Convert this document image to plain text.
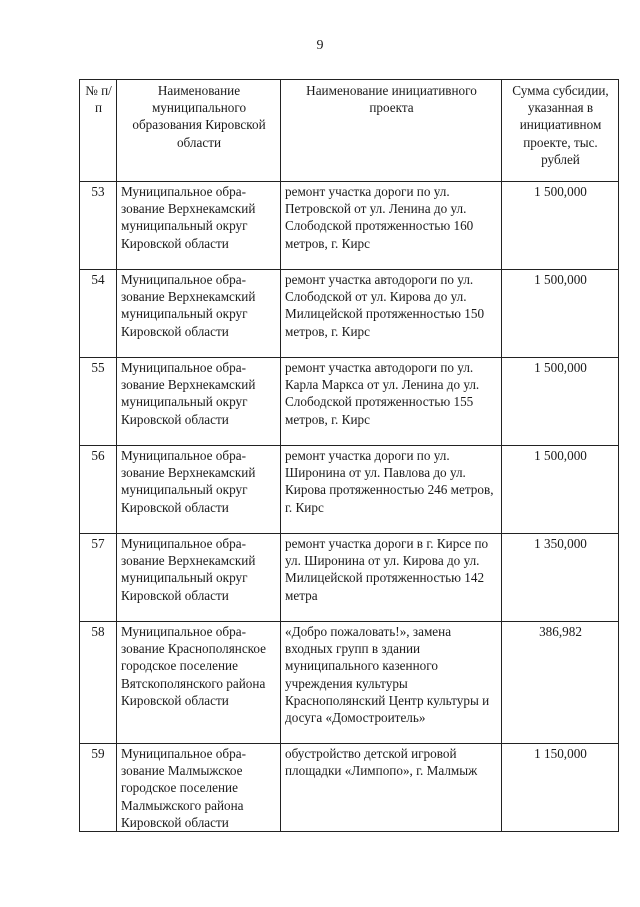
9
№ п/п	Наименование муниципального образования Кировской области	Наименование инициативного проекта	Сумма субсидии, указанная в инициативном проекте, тыс. рублей
53	Муниципальное образование Верхнекамский муниципальный округ Кировской области	ремонт участка дороги по ул. Петровской от ул. Ленина до ул. Слободской протяженностью 160 метров, г. Кирс	1 500,000
54	Муниципальное образование Верхнекамский муниципальный округ Кировской области	ремонт участка автодороги по ул. Слободской от ул. Кирова до ул. Милицейской протяженностью 150 метров, г. Кирс	1 500,000
55	Муниципальное образование Верхнекамский муниципальный округ Кировской области	ремонт участка автодороги по ул. Карла Маркса от ул. Ленина до ул. Слободской протяженностью 155 метров, г. Кирс	1 500,000
56	Муниципальное образование Верхнекамский муниципальный округ Кировской области	ремонт участка дороги по ул. Широнина от ул. Павлова до ул. Кирова протяженностью 246 метров, г. Кирс	1 500,000
57	Муниципальное образование Верхнекамский муниципальный округ Кировской области	ремонт участка дороги в г. Кирсе по ул. Широнина от ул. Кирова до ул. Милицейской протяженностью 142 метра	1 350,000
58	Муниципальное образование Краснополянское городское поселение Вятскополянского района Кировской области	«Добро пожаловать!», замена входных групп в здании муниципального казенного учреждения культуры Краснополянский Центр культуры и досуга «Домостроитель»	386,982
59	Муниципальное образование Малмыжское городское поселение Малмыжского района Кировской области	обустройство детской игровой площадки «Лимпопо», г. Малмыж	1 150,000
